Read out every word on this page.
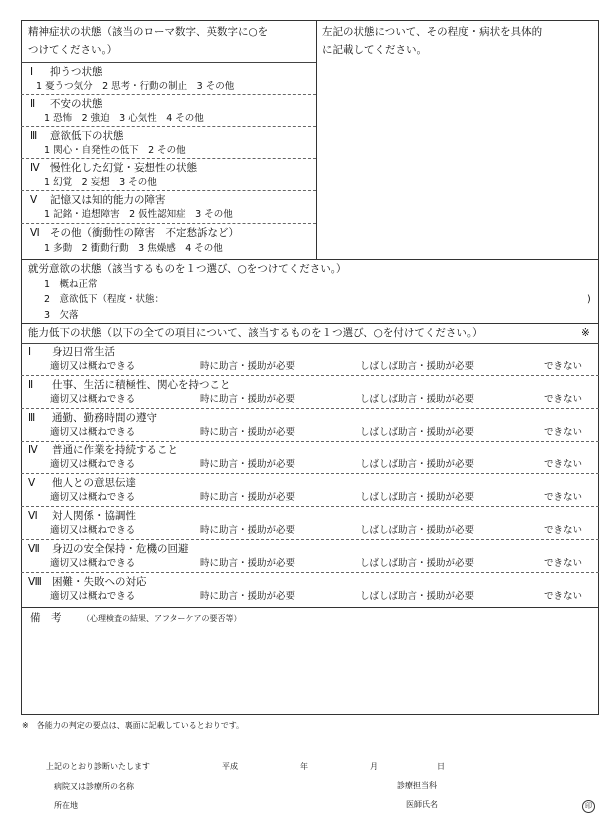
精神症状の状態（該当のローマ数字、英数字に○を
つけてください。）
左記の状態について、その程度・病状を具体的
に記載してください。
Ⅰ 抑うつ状態
1 憂うつ気分　2 思考・行動の制止　3 その他
Ⅱ 不安の状態
1 恐怖　2 強迫　3 心気性　4 その他
Ⅲ 意欲低下の状態
1 関心・自発性の低下　2 その他
Ⅳ 慢性化した幻覚・妄想性の状態
1 幻覚　2 妄想　3 その他
Ⅴ 記憶又は知的能力の障害
1 記銘・追想障害　2 仮性認知症　3 その他
Ⅵ その他（衝動性の障害　不定愁訴など）
1 多動　2 衝動行動　3 焦燥感　4 その他
就労意欲の状態（該当するものを１つ選び、○をつけてください。）
1　概ね正常
2　意欲低下（程度・状態：	)
3　欠落
能力低下の状態（以下の全ての項目について、該当するものを１つ選び、○を付けてください。）	※
Ⅰ 身辺日常生活
適切又は概ねできる	時に助言・援助が必要	しばしば助言・援助が必要	できない
Ⅱ 仕事、生活に積極性、関心を持つこと
適切又は概ねできる	時に助言・援助が必要	しばしば助言・援助が必要	できない
Ⅲ 通勤、勤務時間の遵守
適切又は概ねできる	時に助言・援助が必要	しばしば助言・援助が必要	できない
Ⅳ 普通に作業を持続すること
適切又は概ねできる	時に助言・援助が必要	しばしば助言・援助が必要	できない
Ⅴ 他人との意思伝達
適切又は概ねできる	時に助言・援助が必要	しばしば助言・援助が必要	できない
Ⅵ 対人関係・協調性
適切又は概ねできる	時に助言・援助が必要	しばしば助言・援助が必要	できない
Ⅶ 身辺の安全保持・危機の回避
適切又は概ねできる	時に助言・援助が必要	しばしば助言・援助が必要	できない
Ⅷ 困難・失敗への対応
適切又は概ねできる	時に助言・援助が必要	しばしば助言・援助が必要	できない
備　考	（心理検査の結果、アフターケアの要否等）
※　各能力の判定の要点は、裏面に記載しているとおりです。
上記のとおり診断いたします	平成	年	月	日
病院又は診療所の名称	診療担当科
所在地	医師氏名	印
